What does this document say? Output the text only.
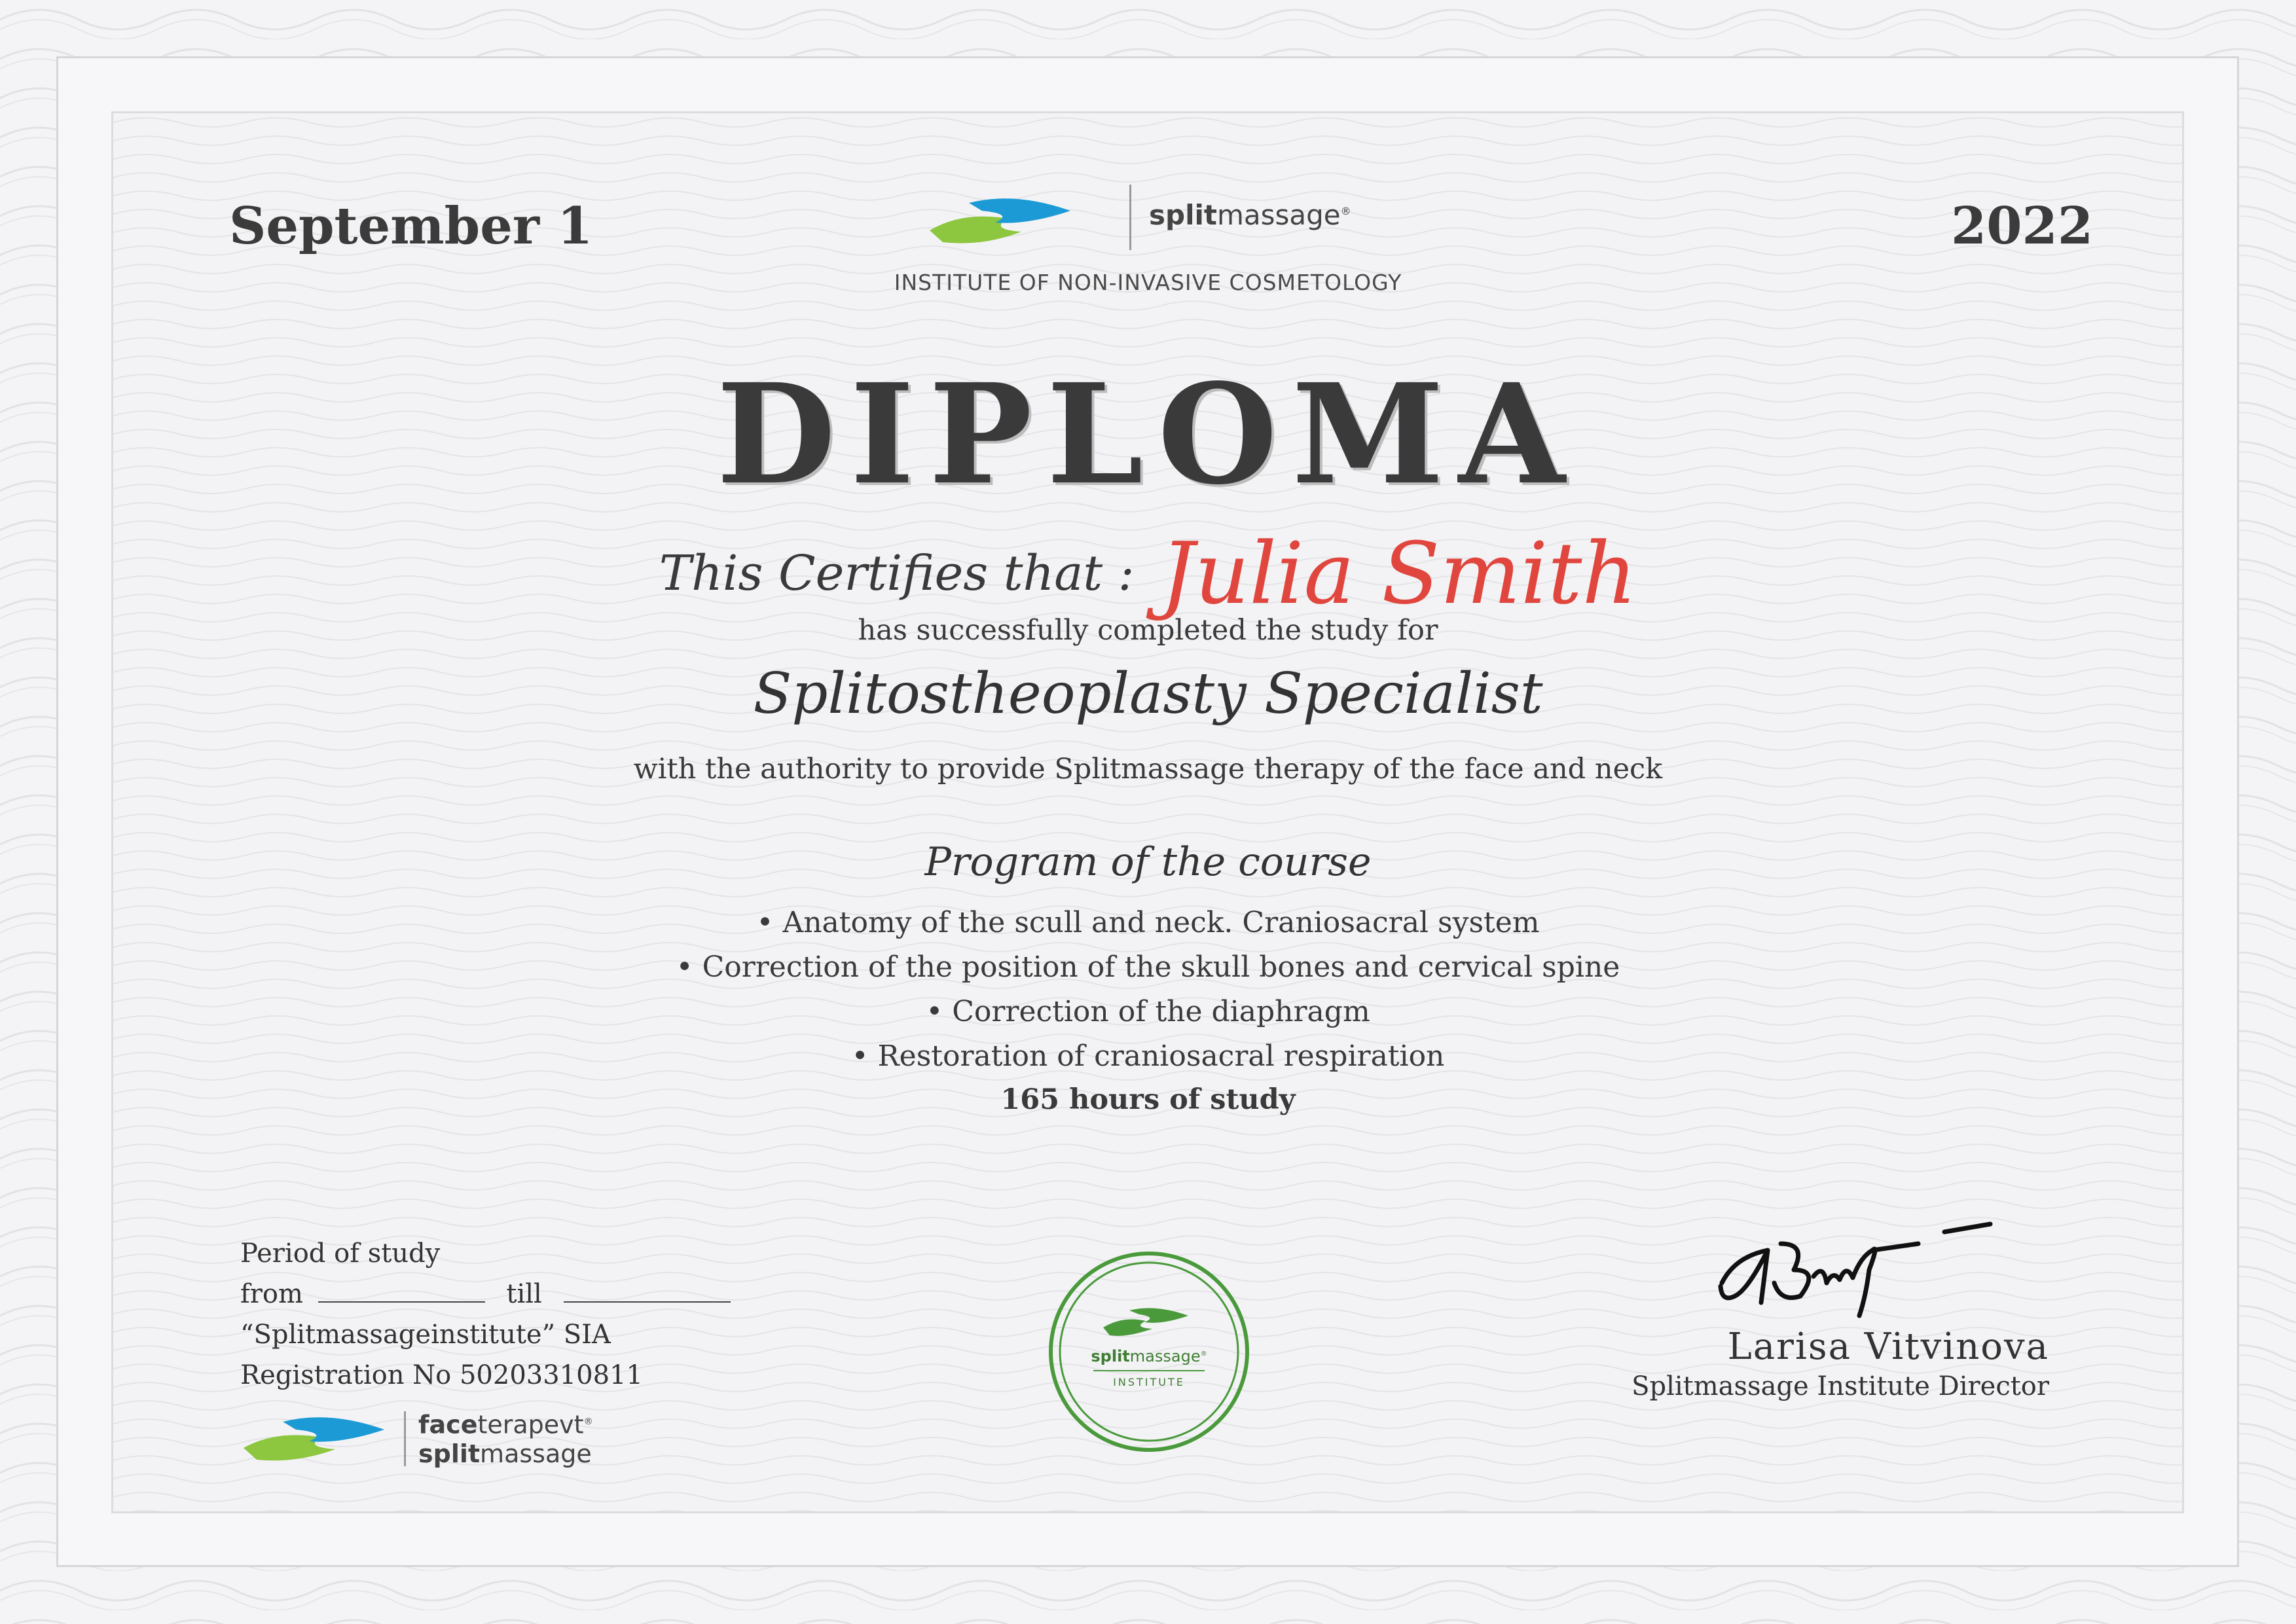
September 1	2022
splitmassage®
INSTITUTE OF NON-INVASIVE COSMETOLOGY
DIPLOMA
This Certifies that : Julia Smith
has successfully completed the study for
Splitostheoplasty Specialist
with the authority to provide Splitmassage therapy of the face and neck
Program of the course
• Anatomy of the scull and neck. Craniosacral system
• Correction of the position of the skull bones and cervical spine
• Correction of the diaphragm
• Restoration of craniosacral respiration
165 hours of study
Period of study
from	till
“Splitmassageinstitute” SIA
Registration No 50203310811
faceterapevt®
splitmassage
splitmassage®
INSTITUTE
Larisa Vitvinova
Splitmassage Institute Director
